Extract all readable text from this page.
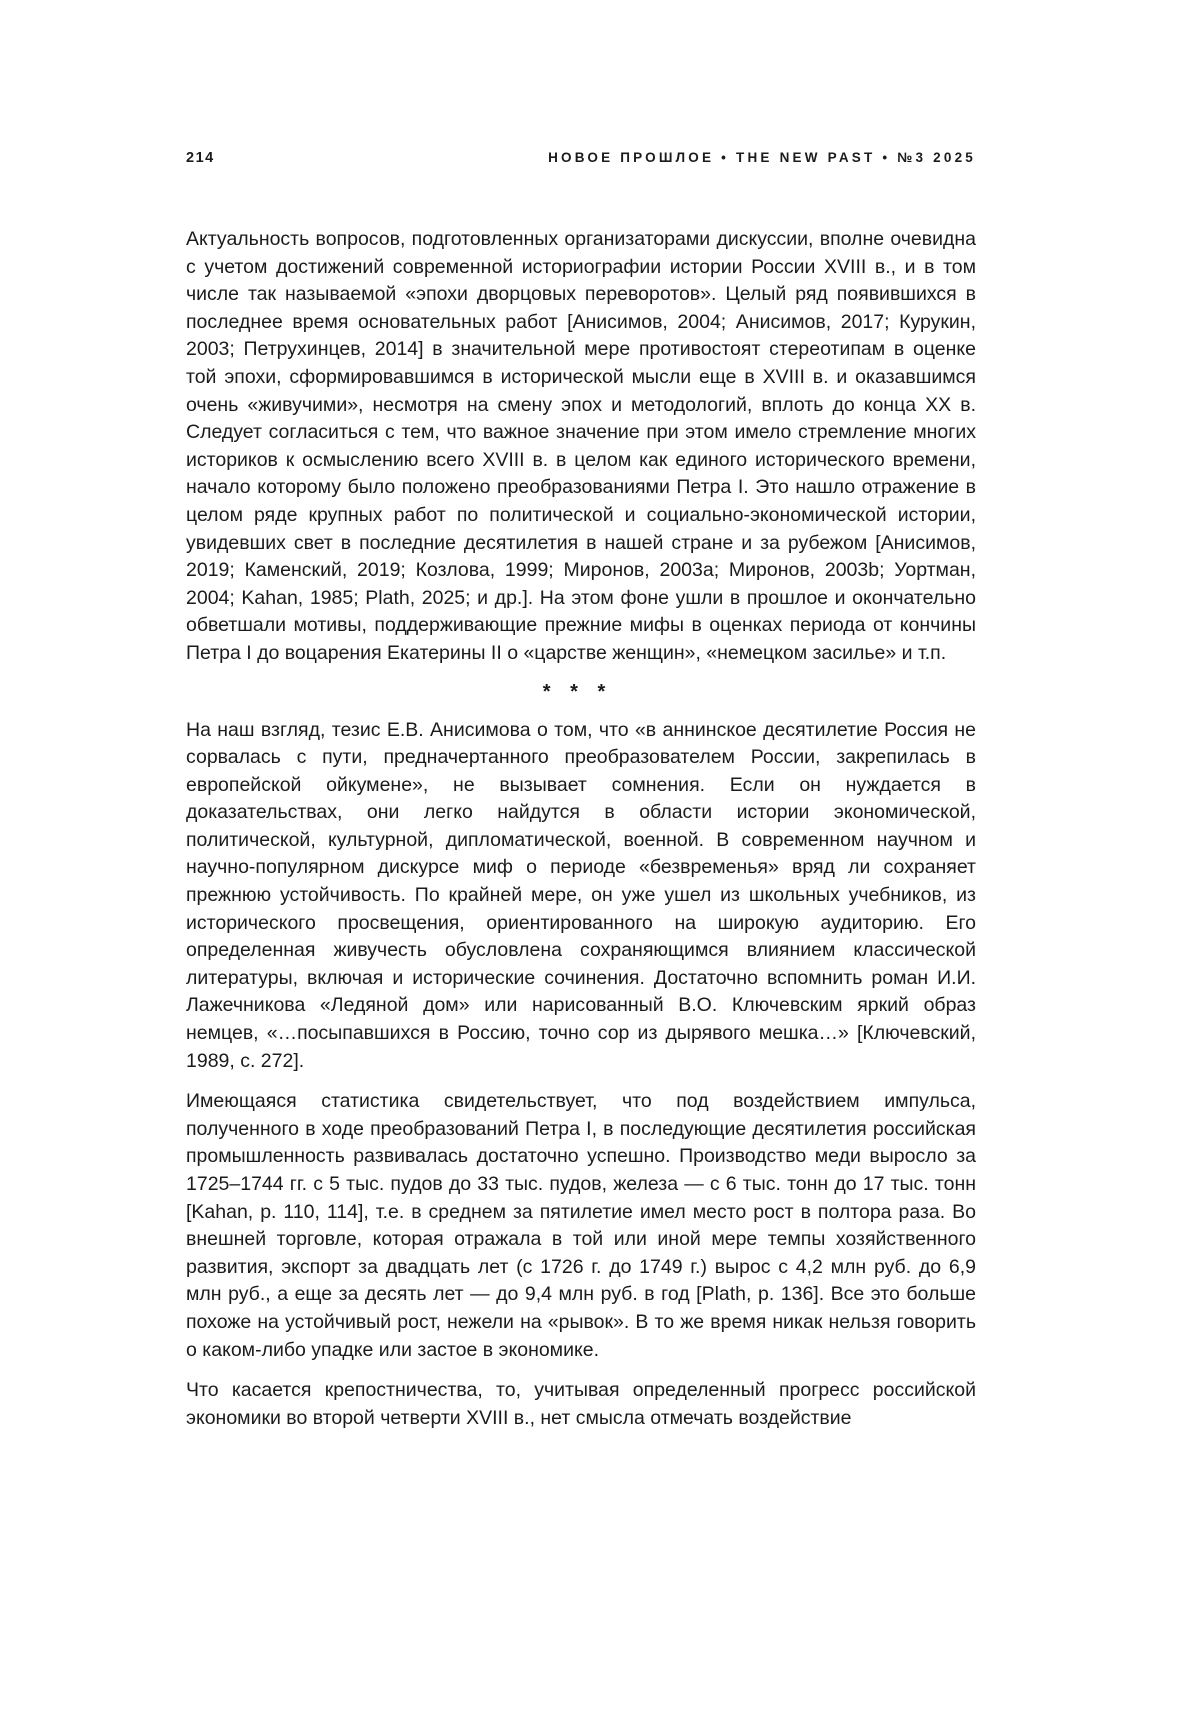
214	НОВОЕ ПРОШЛОЕ • THE NEW PAST • №3 2025

Актуальность вопросов, подготовленных организаторами дискуссии, вполне очевидна с учетом достижений современной историографии истории России XVIII в., и в том числе так называемой «эпохи дворцовых переворотов». Целый ряд появившихся в последнее время основательных работ [Анисимов, 2004; Анисимов, 2017; Курукин, 2003; Петрухинцев, 2014] в значительной мере противостоят стереотипам в оценке той эпохи, сформировавшимся в исторической мысли еще в XVIII в. и оказавшимся очень «живучими», несмотря на смену эпох и методологий, вплоть до конца XX в. Следует согласиться с тем, что важное значение при этом имело стремление многих историков к осмыслению всего XVIII в. в целом как единого исторического времени, начало которому было положено преобразованиями Петра I. Это нашло отражение в целом ряде крупных работ по политической и социально-экономической истории, увидевших свет в последние десятилетия в нашей стране и за рубежом [Анисимов, 2019; Каменский, 2019; Козлова, 1999; Миронов, 2003a; Миронов, 2003b; Уортман, 2004; Kahan, 1985; Plath, 2025; и др.]. На этом фоне ушли в прошлое и окончательно обветшали мотивы, поддерживающие прежние мифы в оценках периода от кончины Петра I до воцарения Екатерины II о «царстве женщин», «немецком засилье» и т.п.

* * *

На наш взгляд, тезис Е.В. Анисимова о том, что «в аннинское десятилетие Россия не сорвалась с пути, предначертанного преобразователем России, закрепилась в европейской ойкумене», не вызывает сомнения. Если он нуждается в доказательствах, они легко найдутся в области истории экономической, политической, культурной, дипломатической, военной. В современном научном и научно-популярном дискурсе миф о периоде «безвременья» вряд ли сохраняет прежнюю устойчивость. По крайней мере, он уже ушел из школьных учебников, из исторического просвещения, ориентированного на широкую аудиторию. Его определенная живучесть обусловлена сохраняющимся влиянием классической литературы, включая и исторические сочинения. Достаточно вспомнить роман И.И. Лажечникова «Ледяной дом» или нарисованный В.О. Ключевским яркий образ немцев, «…посыпавшихся в Россию, точно сор из дырявого мешка…» [Ключевский, 1989, с. 272].

Имеющаяся статистика свидетельствует, что под воздействием импульса, полученного в ходе преобразований Петра I, в последующие десятилетия российская промышленность развивалась достаточно успешно. Производство меди выросло за 1725–1744 гг. с 5 тыс. пудов до 33 тыс. пудов, железа — с 6 тыс. тонн до 17 тыс. тонн [Kahan, p. 110, 114], т.е. в среднем за пятилетие имел место рост в полтора раза. Во внешней торговле, которая отражала в той или иной мере темпы хозяйственного развития, экспорт за двадцать лет (с 1726 г. до 1749 г.) вырос с 4,2 млн руб. до 6,9 млн руб., а еще за десять лет — до 9,4 млн руб. в год [Plath, p. 136]. Все это больше похоже на устойчивый рост, нежели на «рывок». В то же время никак нельзя говорить о каком-либо упадке или застое в экономике.

Что касается крепостничества, то, учитывая определенный прогресс российской экономики во второй четверти XVIII в., нет смысла отмечать воздействие
